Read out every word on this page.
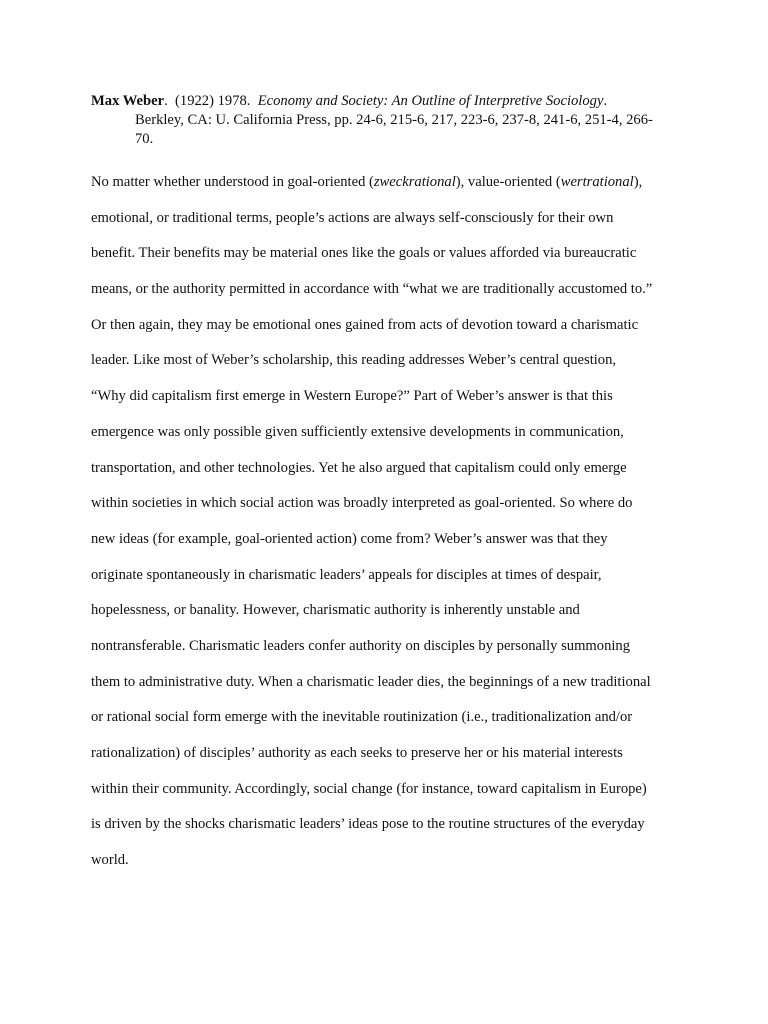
Max Weber.  (1922) 1978.  Economy and Society: An Outline of Interpretive Sociology.
Berkley, CA: U. California Press, pp. 24-6, 215-6, 217, 223-6, 237-8, 241-6, 251-4, 266-
70.
No matter whether understood in goal-oriented (zweckrational), value-oriented (wertrational),
emotional, or traditional terms, people’s actions are always self-consciously for their own
benefit. Their benefits may be material ones like the goals or values afforded via bureaucratic
means, or the authority permitted in accordance with “what we are traditionally accustomed to.”
Or then again, they may be emotional ones gained from acts of devotion toward a charismatic
leader. Like most of Weber’s scholarship, this reading addresses Weber’s central question,
“Why did capitalism first emerge in Western Europe?” Part of Weber’s answer is that this
emergence was only possible given sufficiently extensive developments in communication,
transportation, and other technologies. Yet he also argued that capitalism could only emerge
within societies in which social action was broadly interpreted as goal-oriented. So where do
new ideas (for example, goal-oriented action) come from? Weber’s answer was that they
originate spontaneously in charismatic leaders’ appeals for disciples at times of despair,
hopelessness, or banality. However, charismatic authority is inherently unstable and
nontransferable. Charismatic leaders confer authority on disciples by personally summoning
them to administrative duty. When a charismatic leader dies, the beginnings of a new traditional
or rational social form emerge with the inevitable routinization (i.e., traditionalization and/or
rationalization) of disciples’ authority as each seeks to preserve her or his material interests
within their community. Accordingly, social change (for instance, toward capitalism in Europe)
is driven by the shocks charismatic leaders’ ideas pose to the routine structures of the everyday
world.
